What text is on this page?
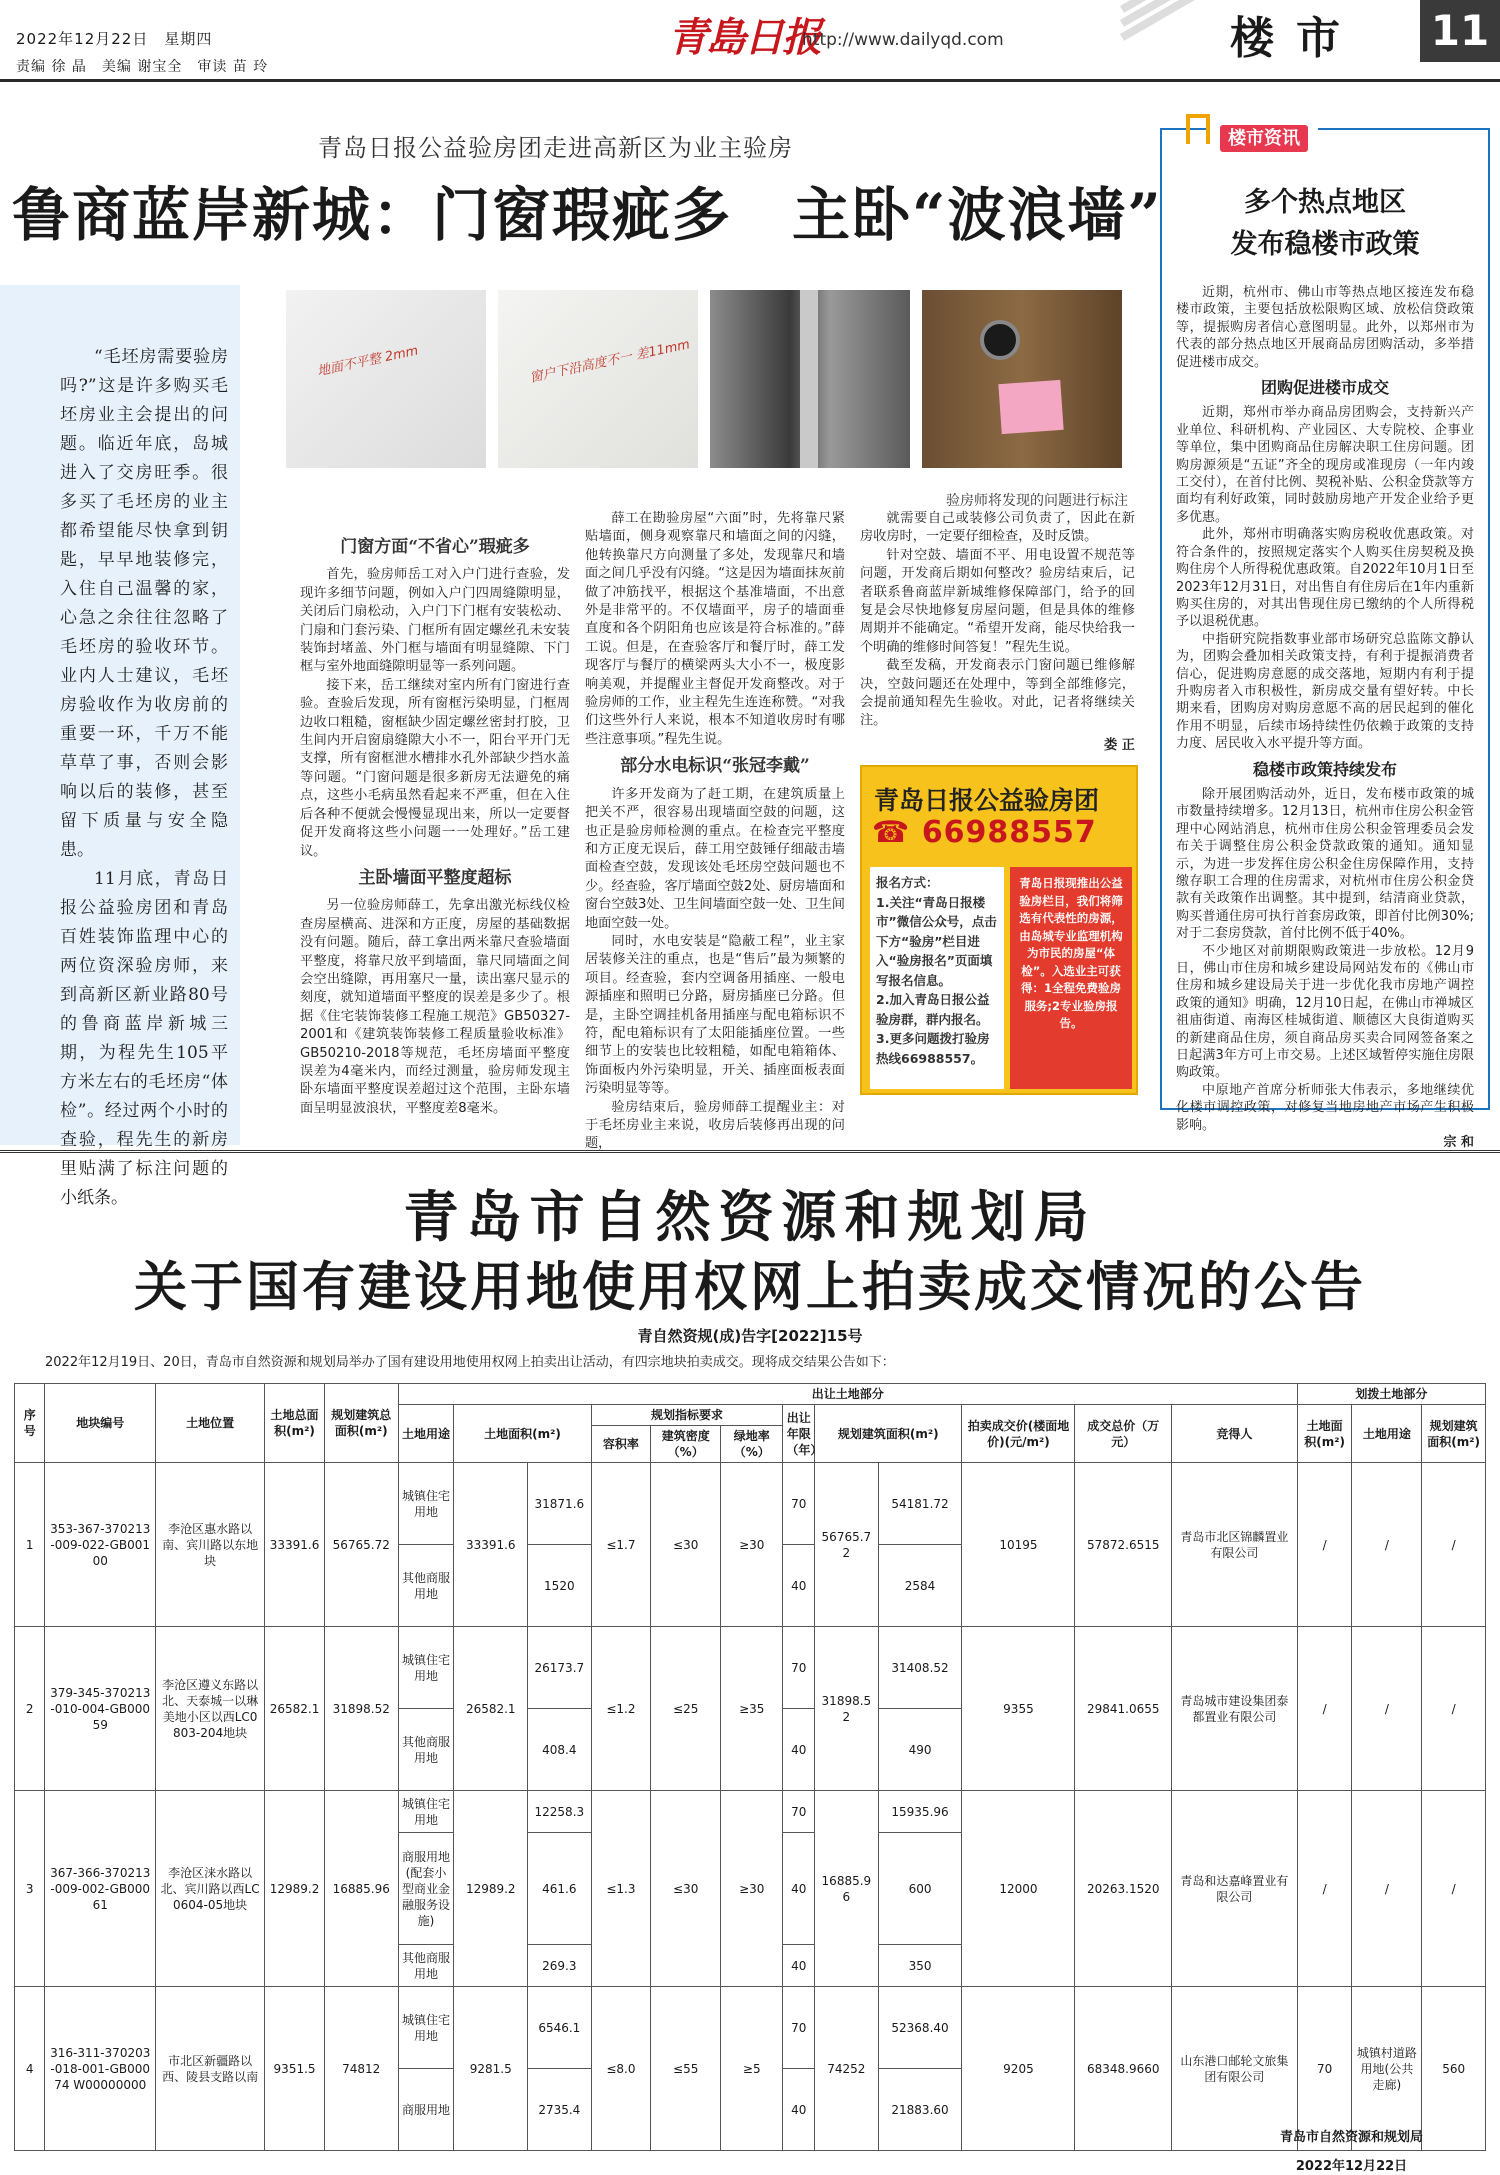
2022年12月22日　星期四
责编 徐 晶　美编 谢宝全　审读 苗 玲
青島日报
http://www.dailyqd.com	楼市 11
青岛日报公益验房团走进高新区为业主验房
鲁商蓝岸新城：门窗瑕疵多　主卧“波浪墙”

“毛坯房需要验房吗?”这是许多购买毛坯房业主会提出的问题。临近年底，岛城进入了交房旺季。很多买了毛坯房的业主都希望能尽快拿到钥匙，早早地装修完，入住自己温馨的家，心急之余往往忽略了毛坯房的验收环节。业内人士建议，毛坯房验收作为收房前的重要一环，千万不能草草了事，否则会影响以后的装修，甚至留下质量与安全隐患。

11月底，青岛日报公益验房团和青岛百姓装饰监理中心的两位资深验房师，来到高新区新业路80号的鲁商蓝岸新城三期，为程先生105平方米左右的毛坯房“体检”。经过两个小时的查验，程先生的新房里贴满了标注问题的小纸条。

地面不平整 2mm	窗户下沿高度不一 差11mm
验房师将发现的问题进行标注

门窗方面“不省心”瑕疵多

首先，验房师岳工对入户门进行查验，发现许多细节问题，例如入户门四周缝隙明显，关闭后门扇松动，入户门下门框有安装松动、门扇和门套污染、门框所有固定螺丝孔未安装装饰封堵盖、外门框与墙面有明显缝隙、下门框与室外地面缝隙明显等一系列问题。

接下来，岳工继续对室内所有门窗进行查验。查验后发现，所有窗框污染明显，门框周边收口粗糙，窗框缺少固定螺丝密封打胶，卫生间内开启窗扇缝隙大小不一，阳台平开门无支撑，所有窗框泄水槽排水孔外部缺少挡水盖等问题。“门窗问题是很多新房无法避免的痛点，这些小毛病虽然看起来不严重，但在入住后各种不便就会慢慢显现出来，所以一定要督促开发商将这些小问题一一处理好。”岳工建议。

主卧墙面平整度超标

另一位验房师薛工，先拿出激光标线仪检查房屋横高、进深和方正度，房屋的基础数据没有问题。随后，薛工拿出两米靠尺查验墙面平整度，将靠尺放平到墙面，靠尺同墙面之间会空出缝隙，再用塞尺一量，读出塞尺显示的刻度，就知道墙面平整度的误差是多少了。根据《住宅装饰装修工程施工规范》GB50327-2001和《建筑装饰装修工程质量验收标准》GB50210-2018等规范，毛坯房墙面平整度误差为4毫米内，而经过测量，验房师发现主卧东墙面平整度误差超过这个范围，主卧东墙面呈明显波浪状，平整度差8毫米。

薛工在勘验房屋“六面”时，先将靠尺紧贴墙面，侧身观察靠尺和墙面之间的闪缝，他转换靠尺方向测量了多处，发现靠尺和墙面之间几乎没有闪缝。“这是因为墙面抹灰前做了冲筋找平，根据这个基准墙面，不出意外是非常平的。不仅墙面平，房子的墙面垂直度和各个阴阳角也应该是符合标准的。”薛工说。但是，在查验客厅和餐厅时，薛工发现客厅与餐厅的横梁两头大小不一，极度影响美观，并提醒业主督促开发商整改。对于验房师的工作，业主程先生连连称赞。“对我们这些外行人来说，根本不知道收房时有哪些注意事项。”程先生说。

部分水电标识“张冠李戴”

许多开发商为了赶工期，在建筑质量上把关不严，很容易出现墙面空鼓的问题，这也正是验房师检测的重点。在检查完平整度和方正度无误后，薛工用空鼓锤仔细敲击墙面检查空鼓，发现该处毛坯房空鼓问题也不少。经查验，客厅墙面空鼓2处、厨房墙面和窗台空鼓3处、卫生间墙面空鼓一处、卫生间地面空鼓一处。

同时，水电安装是“隐蔽工程”，业主家居装修关注的重点，也是“售后”最为频繁的项目。经查验，套内空调备用插座、一般电源插座和照明已分路，厨房插座已分路。但是，主卧空调挂机备用插座与配电箱标识不符，配电箱标识有了太阳能插座位置。一些细节上的安装也比较粗糙，如配电箱箱体、饰面板内外污染明显，开关、插座面板表面污染明显等等。

验房结束后，验房师薛工提醒业主：对于毛坯房业主来说，收房后装修再出现的问题，

就需要自己或装修公司负责了，因此在新房收房时，一定要仔细检查，及时反馈。

针对空鼓、墙面不平、用电设置不规范等问题，开发商后期如何整改？验房结束后，记者联系鲁商蓝岸新城维修保障部门，给予的回复是会尽快地修复房屋问题，但是具体的维修周期并不能确定。“希望开发商，能尽快给我一个明确的维修时间答复！”程先生说。

截至发稿，开发商表示门窗问题已维修解决，空鼓问题还在处理中，等到全部维修完，会提前通知程先生验收。对此，记者将继续关注。

娄 正

青岛日报公益验房团
☎ 66988557
报名方式：
1.关注“青岛日报楼市”微信公众号，点击下方“验房”栏目进入“验房报名”页面填写报名信息。
2.加入青岛日报公益验房群，群内报名。
3.更多问题拨打验房热线66988557。
青岛日报现推出公益验房栏目，我们将筛选有代表性的房源，由岛城专业监理机构为市民的房屋“体检”。入选业主可获得：1全程免费验房服务;2专业验房报告。
楼市资讯
多个热点地区
发布稳楼市政策

近期，杭州市、佛山市等热点地区接连发布稳楼市政策，主要包括放松限购区域、放松信贷政策等，提振购房者信心意图明显。此外，以郑州市为代表的部分热点地区开展商品房团购活动，多举措促进楼市成交。

团购促进楼市成交

近期，郑州市举办商品房团购会，支持新兴产业单位、科研机构、产业园区、大专院校、企事业等单位，集中团购商品住房解决职工住房问题。团购房源须是“五证”齐全的现房或准现房（一年内竣工交付），在首付比例、契税补贴、公积金贷款等方面均有利好政策，同时鼓励房地产开发企业给予更多优惠。

此外，郑州市明确落实购房税收优惠政策。对符合条件的，按照规定落实个人购买住房契税及换购住房个人所得税优惠政策。自2022年10月1日至2023年12月31日，对出售自有住房后在1年内重新购买住房的，对其出售现住房已缴纳的个人所得税予以退税优惠。

中指研究院指数事业部市场研究总监陈文静认为，团购会叠加相关政策支持，有利于提振消费者信心，促进购房意愿的成交落地，短期内有利于提升购房者入市积极性，新房成交量有望好转。中长期来看，团购房对购房意愿不高的居民起到的催化作用不明显，后续市场持续性仍依赖于政策的支持力度、居民收入水平提升等方面。

稳楼市政策持续发布

除开展团购活动外，近日，发布楼市政策的城市数量持续增多。12月13日，杭州市住房公积金管理中心网站消息，杭州市住房公积金管理委员会发布关于调整住房公积金贷款政策的通知。通知显示，为进一步发挥住房公积金住房保障作用，支持缴存职工合理的住房需求，对杭州市住房公积金贷款有关政策作出调整。其中提到，结清商业贷款，购买普通住房可执行首套房政策，即首付比例30%;对于二套房贷款，首付比例不低于40%。

不少地区对前期限购政策进一步放松。12月9日，佛山市住房和城乡建设局网站发布的《佛山市住房和城乡建设局关于进一步优化我市房地产调控政策的通知》明确，12月10日起，在佛山市禅城区祖庙街道、南海区桂城街道、顺德区大良街道购买的新建商品住房，须自商品房买卖合同网签备案之日起满3年方可上市交易。上述区域暂停实施住房限购政策。

中原地产首席分析师张大伟表示，多地继续优化楼市调控政策，对修复当地房地产市场产生积极影响。

宗 和

青岛市自然资源和规划局
关于国有建设用地使用权网上拍卖成交情况的公告
青自然资规(成)告字[2022]15号
2022年12月19日、20日，青岛市自然资源和规划局举办了国有建设用地使用权网上拍卖出让活动，有四宗地块拍卖成交。现将成交结果公告如下：
序号	地块编号	土地位置	土地总面积(m²)	规划建筑总面积(m²)	出让土地部分												划拨土地部分		
					土地用途	土地面积(m²)		规划指标要求			出让年限（年）	规划建筑面积(m²)		拍卖成交价(楼面地价)(元/m²)	成交总价（万元）	竞得人	土地面积(m²)	土地用途	规划建筑面积(m²)
								容积率	建筑密度（%）	绿地率（%）									
1	353-367-370213-009-022-GB00100	李沧区惠水路以南、宾川路以东地块	33391.6	56765.72	城镇住宅用地	33391.6	31871.6	≤1.7	≤30	≥30	70	56765.72	54181.72	10195	57872.6515	青岛市北区锦麟置业有限公司	/	/	/

					其他商服用地		1520				40		2584						

2	379-345-370213-010-004-GB00059	李沧区遵义东路以北、天泰城一以琳美地小区以西LC0803-204地块	26582.1	31898.52	城镇住宅用地	26582.1	26173.7	≤1.2	≤25	≥35	70	31898.52	31408.52	9355	29841.0655	青岛城市建设集团泰都置业有限公司	/	/	/

					其他商服用地		408.4				40		490						

3	367-366-370213-009-002-GB00061	李沧区涞水路以北、宾川路以西LC0604-05地块	12989.2	16885.96	城镇住宅用地	12989.2	12258.3	≤1.3	≤30	≥30	70	16885.96	15935.96	12000	20263.1520	青岛和达嘉峰置业有限公司	/	/	/

					商服用地(配套小型商业金融服务设施)		461.6				40		600						

					其他商服用地		269.3				40		350						

4	316-311-370203-018-001-GB00074 W00000000	市北区新疆路以西、陵县支路以南	9351.5	74812	城镇住宅用地	9281.5	6546.1	≤8.0	≤55	≥5	70	74252	52368.40	9205	68348.9660	山东港口邮轮文旅集团有限公司	70	城镇村道路用地(公共走廊)	560

					商服用地		2735.4				40		21883.60						

青岛市自然资源和规划局
2022年12月22日
